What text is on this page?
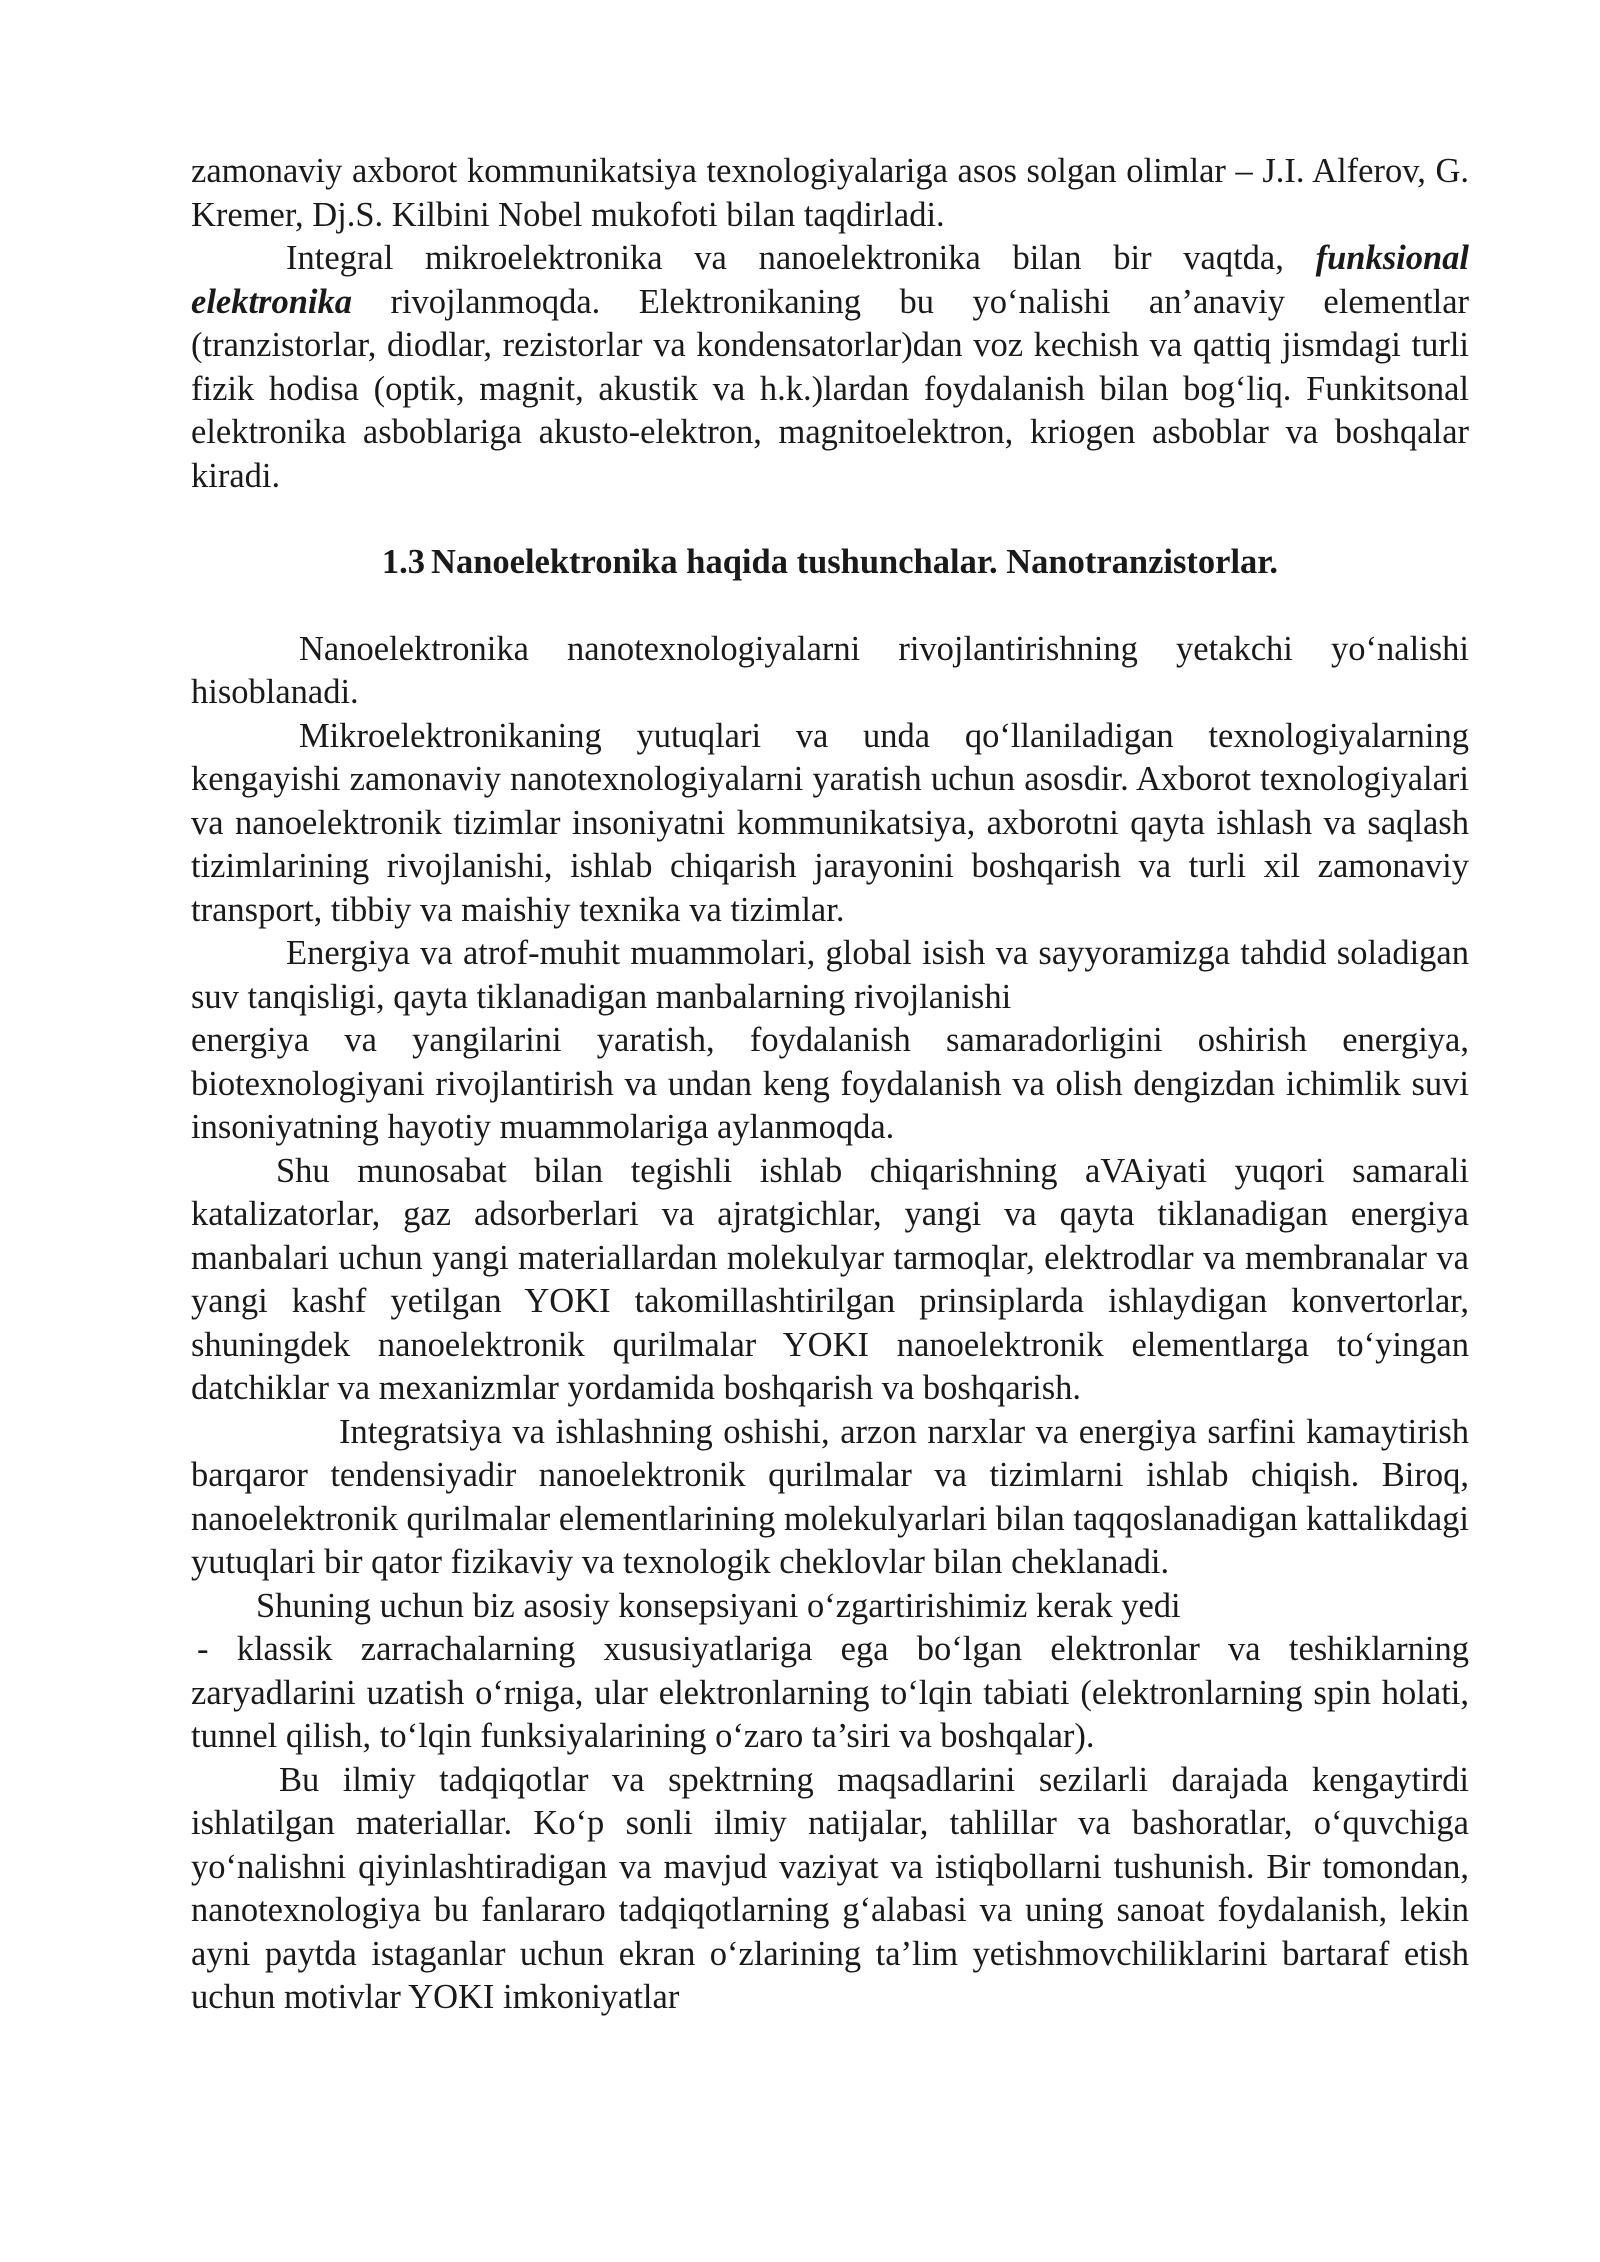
zamonaviy axborot kommunikatsiya texnologiyalariga asos solgan olimlar – J.I. Alferov, G. Kremer, Dj.S. Kilbini Nobel mukofoti bilan taqdirladi.

Integral mikroelektronika va nanoelektronika bilan bir vaqtda, funksional elektronika rivojlanmoqda. Elektronikaning bu yo‘nalishi an’anaviy elementlar (tranzistorlar, diodlar, rezistorlar va kondensatorlar)dan voz kechish va qattiq jismdagi turli fizik hodisa (optik, magnit, akustik va h.k.)lardan foydalanish bilan bog‘liq. Funkitsonal elektronika asboblariga akusto-elektron, magnitoelektron, kriogen asboblar va boshqalar kiradi.

1.3 Nanoelektronika haqida tushunchalar. Nanotranzistorlar.

Nanoelektronika nanotexnologiyalarni rivojlantirishning yetakchi yo‘nalishi hisoblanadi.

Mikroelektronikaning yutuqlari va unda qo‘llaniladigan texnologiyalarning kengayishi zamonaviy nanotexnologiyalarni yaratish uchun asosdir. Axborot texnologiyalari va nanoelektronik tizimlar insoniyatni kommunikatsiya, axborotni qayta ishlash va saqlash tizimlarining rivojlanishi, ishlab chiqarish jarayonini boshqarish va turli xil zamonaviy transport, tibbiy va maishiy texnika va tizimlar.

Energiya va atrof-muhit muammolari, global isish va sayyoramizga tahdid soladigan suv tanqisligi, qayta tiklanadigan manbalarning rivojlanishi

energiya va yangilarini yaratish, foydalanish samaradorligini oshirish energiya, biotexnologiyani rivojlantirish va undan keng foydalanish va olish dengizdan ichimlik suvi insoniyatning hayotiy muammolariga aylanmoqda.

Shu munosabat bilan tegishli ishlab chiqarishning aVAiyati yuqori samarali katalizatorlar, gaz adsorberlari va ajratgichlar, yangi va qayta tiklanadigan energiya manbalari uchun yangi materiallardan molekulyar tarmoqlar, elektrodlar va membranalar va yangi kashf yetilgan YOKI takomillashtirilgan prinsiplarda ishlaydigan konvertorlar, shuningdek nanoelektronik qurilmalar YOKI nanoelektronik elementlarga to‘yingan datchiklar va mexanizmlar yordamida boshqarish va boshqarish.

Integratsiya va ishlashning oshishi, arzon narxlar va energiya sarfini kamaytirish barqaror tendensiyadir nanoelektronik qurilmalar va tizimlarni ishlab chiqish. Biroq, nanoelektronik qurilmalar elementlarining molekulyarlari bilan taqqoslanadigan kattalikdagi yutuqlari bir qator fizikaviy va texnologik cheklovlar bilan cheklanadi.

Shuning uchun biz asosiy konsepsiyani o‘zgartirishimiz kerak yedi

- klassik zarrachalarning xususiyatlariga ega bo‘lgan elektronlar va teshiklarning zaryadlarini uzatish o‘rniga, ular elektronlarning to‘lqin tabiati (elektronlarning spin holati, tunnel qilish, to‘lqin funksiyalarining o‘zaro ta’siri va boshqalar).

Bu ilmiy tadqiqotlar va spektrning maqsadlarini sezilarli darajada kengaytirdi ishlatilgan materiallar. Ko‘p sonli ilmiy natijalar, tahlillar va bashoratlar, o‘quvchiga yo‘nalishni qiyinlashtiradigan va mavjud vaziyat va istiqbollarni tushunish. Bir tomondan, nanotexnologiya bu fanlararo tadqiqotlarning g‘alabasi va uning sanoat foydalanish, lekin ayni paytda istaganlar uchun ekran o‘zlarining ta’lim yetishmovchiliklarini bartaraf etish uchun motivlar YOKI imkoniyatlar
